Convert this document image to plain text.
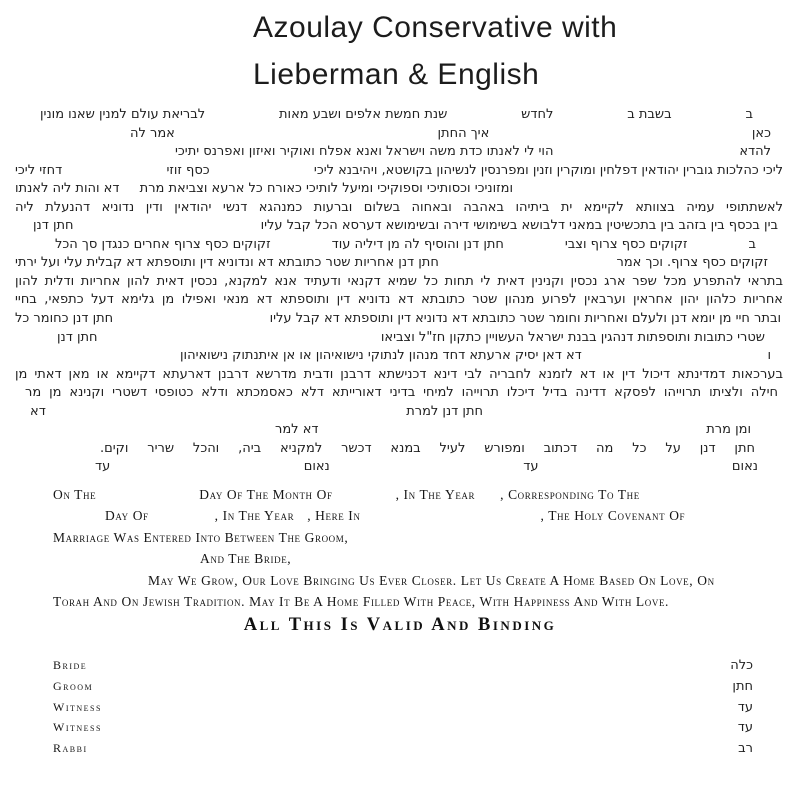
Azoulay Conservative with
Lieberman & English
ב
בשבת ב
לחדש
שנת חמשת אלפים ושבע מאות
לבריאת עולם למנין שאנו מונין
כאן
איך החתן
אמר לה
להדא
הוי לי לאנתו כדת משה וישראל ואנא אפלח ואוקיר ואיזון ואפרנס יתיכי
ליכי כהלכות גוברין יהודאין דפלחין ומוקרין וזנין ומפרנסין לנשיהון בקושטא, ויהיבנא ליכי
כסף זוזי
דחזי ליכי
ומזוניכי וכסותיכי וספוקיכי ומיעל לותיכי כאורח כל ארעא וצביאת מרת
דא והות ליה לאנתו
לאשתתופי עמיה בצוותא לקיימא ית ביתיהו באהבה ובאחוה בשלום וברעות כמנהגא דנשי יהודאין ודין נדוניא דהנעלת ליה
בין בכסף בין בזהב בין בתכשיטין במאני דלבושא בשימושי דירה ובשימושא דערסא הכל קבל עליו
חתן דנן
ב
זקוקים כסף צרוף וצבי
חתן דנן והוסיף לה מן דיליה עוד
זקוקים כסף צרוף אחרים כנגדן סך הכל
זקוקים כסף צרוף. וכך אמר
חתן דנן אחריות שטר כתובתא דא ונדוניא דין ותוספתא דא קבלית עלי ועל ירתי
בתראי להתפרע מכל שפר ארג נכסין וקנינין דאית לי תחות כל שמיא דקנאי ודעתיד אנא למקנא, נכסין דאית להון אחריות ודלית להון
אחריות כלהון יהון אחראין וערבאין לפרוע מנהון שטר כתובתא דא נדוניא דין ותוספתא דא מנאי ואפילו מן גלימא דעל כתפאי, בחיי
ובתר חיי מן יומא דנן ולעלם ואחריות וחומר שטר כתובתא דא נדוניא דין ותוספתא דא קבל עליו
חתן דנן כחומר כל
שטרי כתובות ותוספתות דנהגין בבנת ישראל העשויין כתקון חז"ל וצביאו
חתן דנן
ו
דא דאן יסיק ארעתא דחד מנהון לנתוקי נישואיהון או אן איתנתוק נישואיהון
בערכאות דמדינתא דיכול דין או דא לזמנא לחבריה לבי דינא דכנישתא דרבנן ודבית מדרשא דרבנן דארעתא דקיימא או מאן דאתי מן
חילה ולציתו תרוייהו לפסקא דדינה בדיל דיכלו תרוייהו למיחי בדיני דאורייתא דלא כאסמכתא ודלא כטופסי דשטרי וקנינא מן מר
חתן דנן למרת
דא
ומן מרת
דא למר
חתן דנן על כל מה דכתוב ומפורש לעיל במנא דכשר למקניא ביה, והכל שריר וקים.
נאום
עד
נאום
עד
On The	Day Of The Month Of	, In The Year , Corresponding To The
Day Of	, In The Year , Here In	, The Holy Covenant Of
Marriage Was Entered Into Between The Groom,
And The Bride,
May We Grow, Our Love Bringing Us Ever Closer. Let Us Create A Home Based On Love, On
Torah And On Jewish Tradition. May It Be A Home Filled With Peace, With Happiness And With Love.
All This Is Valid And Binding
Bride	כלה
Groom	חתן
Witness	עד
Witness	עד
Rabbi	רב
